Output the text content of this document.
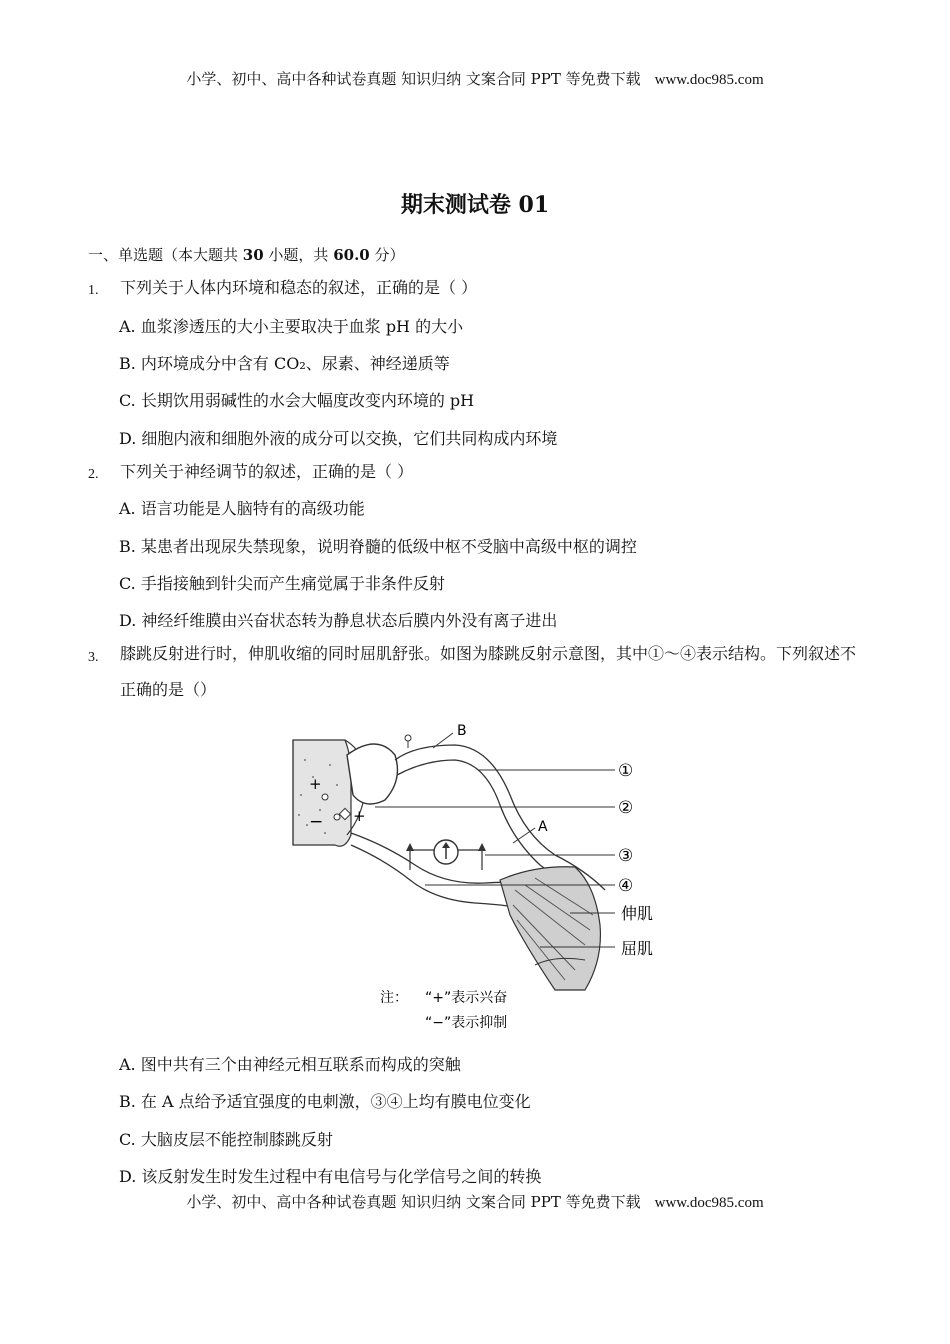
小学、初中、高中各种试卷真题 知识归纳 文案合同 PPT 等免费下载 www.doc985.com
期末测试卷 01
一、单选题（本大题共 30 小题，共 60.0 分）
1. 下列关于人体内环境和稳态的叙述，正确的是（ ）
A. 血浆渗透压的大小主要取决于血浆 pH 的大小
B. 内环境成分中含有 CO₂、尿素、神经递质等
C. 长期饮用弱碱性的水会大幅度改变内环境的 pH
D. 细胞内液和细胞外液的成分可以交换，它们共同构成内环境
2. 下列关于神经调节的叙述，正确的是（ ）
A. 语言功能是人脑特有的高级功能
B. 某患者出现尿失禁现象，说明脊髓的低级中枢不受脑中高级中枢的调控
C. 手指接触到针尖而产生痛觉属于非条件反射
D. 神经纤维膜由兴奋状态转为静息状态后膜内外没有离子进出
3. 膝跳反射进行时，伸肌收缩的同时屈肌舒张。如图为膝跳反射示意图，其中①～④表示结构。下列叙述不正确的是（）
+
− +
B
A
①
②
③
④
伸肌
屈肌
注： “+”表示兴奋
“−”表示抑制
A. 图中共有三个由神经元相互联系而构成的突触
B. 在 A 点给予适宜强度的电刺激，③④上均有膜电位变化
C. 大脑皮层不能控制膝跳反射
D. 该反射发生时发生过程中有电信号与化学信号之间的转换
小学、初中、高中各种试卷真题 知识归纳 文案合同 PPT 等免费下载 www.doc985.com
